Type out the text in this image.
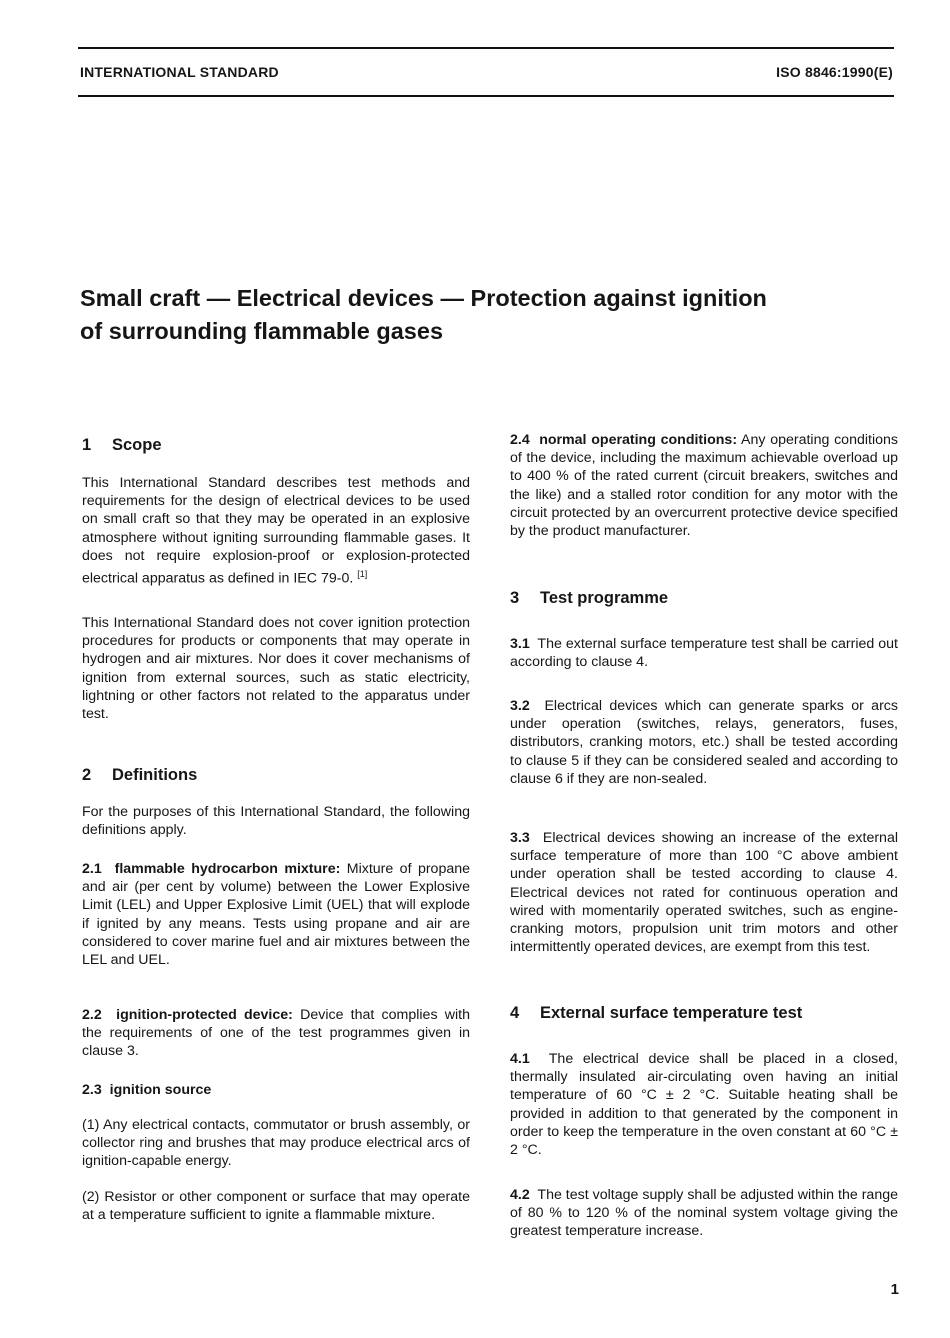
INTERNATIONAL STANDARD	ISO 8846:1990(E)
Small craft — Electrical devices — Protection against ignition
of surrounding flammable gases
1 Scope

This International Standard describes test methods and requirements for the design of electrical devices to be used on small craft so that they may be operated in an explosive atmosphere without igniting surrounding flammable gases. It does not require explosion-proof or explosion-protected electrical apparatus as defined in IEC 79-0. [1]

This International Standard does not cover ignition protection procedures for products or components that may operate in hydrogen and air mixtures. Nor does it cover mechanisms of ignition from external sources, such as static electricity, lightning or other factors not related to the apparatus under test.

2 Definitions

For the purposes of this International Standard, the following definitions apply.

2.1 flammable hydrocarbon mixture: Mixture of propane and air (per cent by volume) between the Lower Explosive Limit (LEL) and Upper Explosive Limit (UEL) that will explode if ignited by any means. Tests using propane and air are considered to cover marine fuel and air mixtures between the LEL and UEL.

2.2 ignition-protected device: Device that complies with the requirements of one of the test programmes given in clause 3.

2.3 ignition source

(1) Any electrical contacts, commutator or brush assembly, or collector ring and brushes that may produce electrical arcs of ignition-capable energy.

(2) Resistor or other component or surface that may operate at a temperature sufficient to ignite a flammable mixture.

2.4 normal operating conditions: Any operating conditions of the device, including the maximum achievable overload up to 400 % of the rated current (circuit breakers, switches and the like) and a stalled rotor condition for any motor with the circuit protected by an overcurrent protective device specified by the product manufacturer.

3 Test programme

3.1 The external surface temperature test shall be carried out according to clause 4.

3.2 Electrical devices which can generate sparks or arcs under operation (switches, relays, generators, fuses, distributors, cranking motors, etc.) shall be tested according to clause 5 if they can be considered sealed and according to clause 6 if they are non-sealed.

3.3 Electrical devices showing an increase of the external surface temperature of more than 100 °C above ambient under operation shall be tested according to clause 4. Electrical devices not rated for continuous operation and wired with momentarily operated switches, such as engine-cranking motors, propulsion unit trim motors and other intermittently operated devices, are exempt from this test.

4 External surface temperature test

4.1 The electrical device shall be placed in a closed, thermally insulated air-circulating oven having an initial temperature of 60 °C ± 2 °C. Suitable heating shall be provided in addition to that generated by the component in order to keep the temperature in the oven constant at 60 °C ± 2 °C.

4.2 The test voltage supply shall be adjusted within the range of 80 % to 120 % of the nominal system voltage giving the greatest temperature increase.

1
